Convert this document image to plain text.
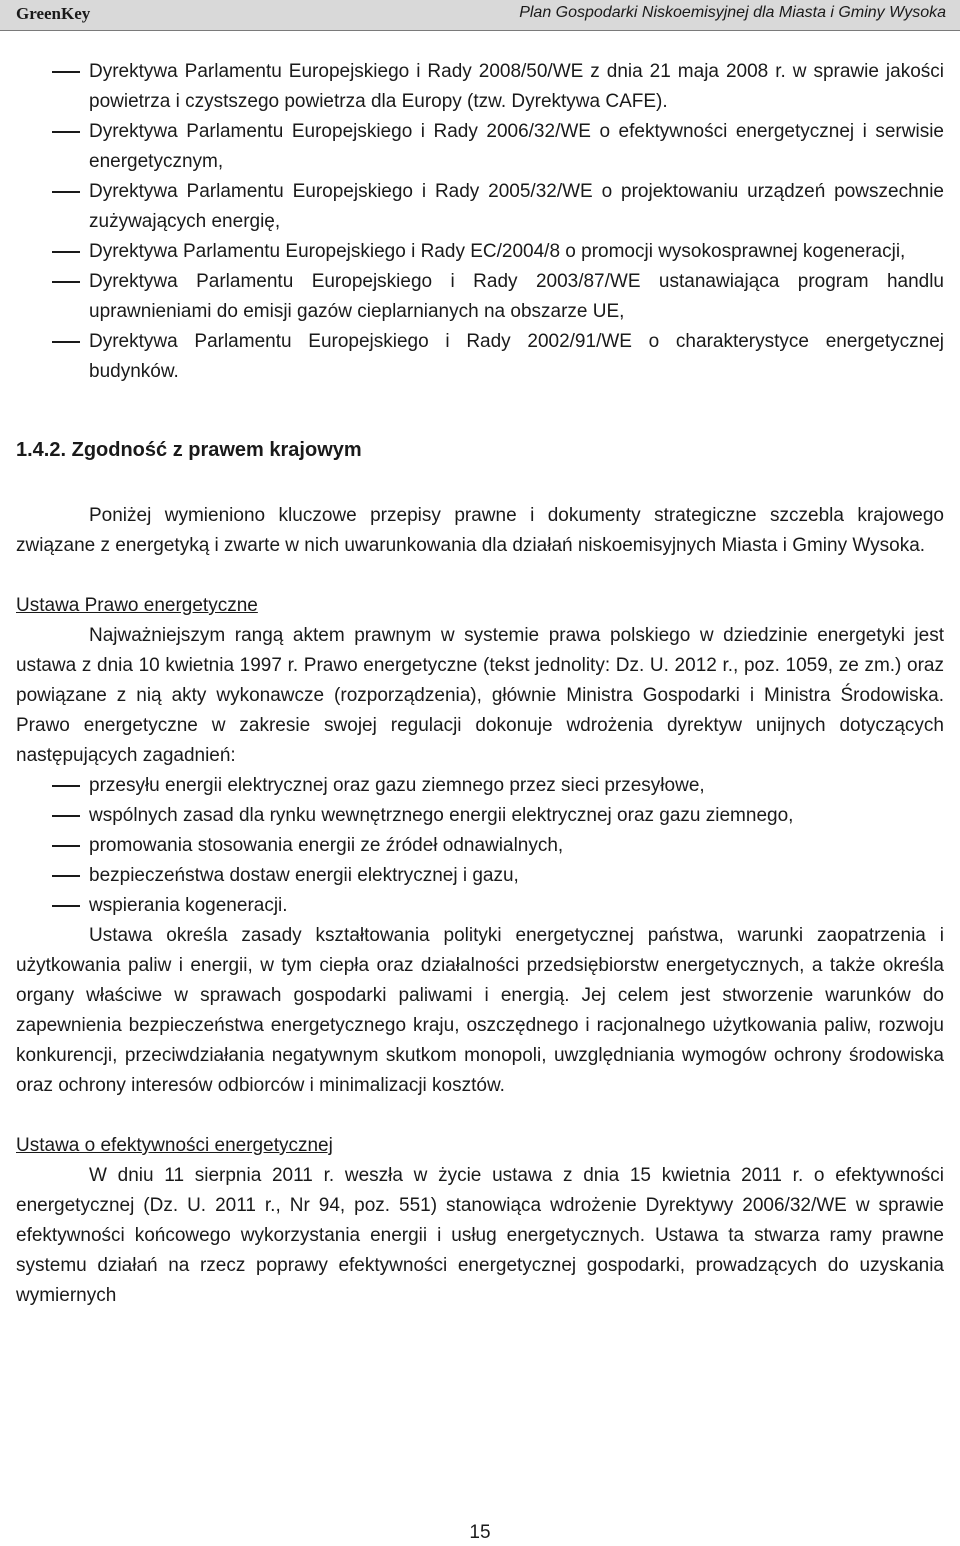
GreenKey	Plan Gospodarki Niskoemisyjnej dla Miasta i Gminy Wysoka
Dyrektywa Parlamentu Europejskiego i Rady 2008/50/WE z dnia 21 maja 2008 r. w sprawie jakości powietrza i czystszego powietrza dla Europy (tzw. Dyrektywa CAFE).
Dyrektywa Parlamentu Europejskiego i Rady 2006/32/WE o efektywności energetycznej i serwisie energetycznym,
Dyrektywa Parlamentu Europejskiego i Rady 2005/32/WE o projektowaniu urządzeń powszechnie zużywających energię,
Dyrektywa Parlamentu Europejskiego i Rady EC/2004/8 o promocji wysokosprawnej kogeneracji,
Dyrektywa Parlamentu Europejskiego i Rady 2003/87/WE ustanawiająca program handlu uprawnieniami do emisji gazów cieplarnianych na obszarze UE,
Dyrektywa Parlamentu Europejskiego i Rady 2002/91/WE o charakterystyce energetycznej budynków.
1.4.2. Zgodność z prawem krajowym

Poniżej wymieniono kluczowe przepisy prawne i dokumenty strategiczne szczebla krajowego związane z energetyką i zwarte w nich uwarunkowania dla działań niskoemisyjnych Miasta i Gminy Wysoka.

Ustawa Prawo energetyczne

Najważniejszym rangą aktem prawnym w systemie prawa polskiego w dziedzinie energetyki jest ustawa z dnia 10 kwietnia 1997 r. Prawo energetyczne (tekst jednolity: Dz. U. 2012 r., poz. 1059, ze zm.) oraz powiązane z nią akty wykonawcze (rozporządzenia), głównie Ministra Gospodarki i Ministra Środowiska. Prawo energetyczne w zakresie swojej regulacji dokonuje wdrożenia dyrektyw unijnych dotyczących następujących zagadnień:

przesyłu energii elektrycznej oraz gazu ziemnego przez sieci przesyłowe,
wspólnych zasad dla rynku wewnętrznego energii elektrycznej oraz gazu ziemnego,
promowania stosowania energii ze źródeł odnawialnych,
bezpieczeństwa dostaw energii elektrycznej i gazu,
wspierania kogeneracji.

Ustawa określa zasady kształtowania polityki energetycznej państwa, warunki zaopatrzenia i użytkowania paliw i energii, w tym ciepła oraz działalności przedsiębiorstw energetycznych, a także określa organy właściwe w sprawach gospodarki paliwami i energią. Jej celem jest stworzenie warunków do zapewnienia bezpieczeństwa energetycznego kraju, oszczędnego i racjonalnego użytkowania paliw, rozwoju konkurencji, przeciwdziałania negatywnym skutkom monopoli, uwzględniania wymogów ochrony środowiska oraz ochrony interesów odbiorców i minimalizacji kosztów.

Ustawa o efektywności energetycznej

W dniu 11 sierpnia 2011 r. weszła w życie ustawa z dnia 15 kwietnia 2011 r. o efektywności energetycznej (Dz. U. 2011 r., Nr 94, poz. 551) stanowiąca wdrożenie Dyrektywy 2006/32/WE w sprawie efektywności końcowego wykorzystania energii i usług energetycznych. Ustawa ta stwarza ramy prawne systemu działań na rzecz poprawy efektywności energetycznej gospodarki, prowadzących do uzyskania wymiernych

15
